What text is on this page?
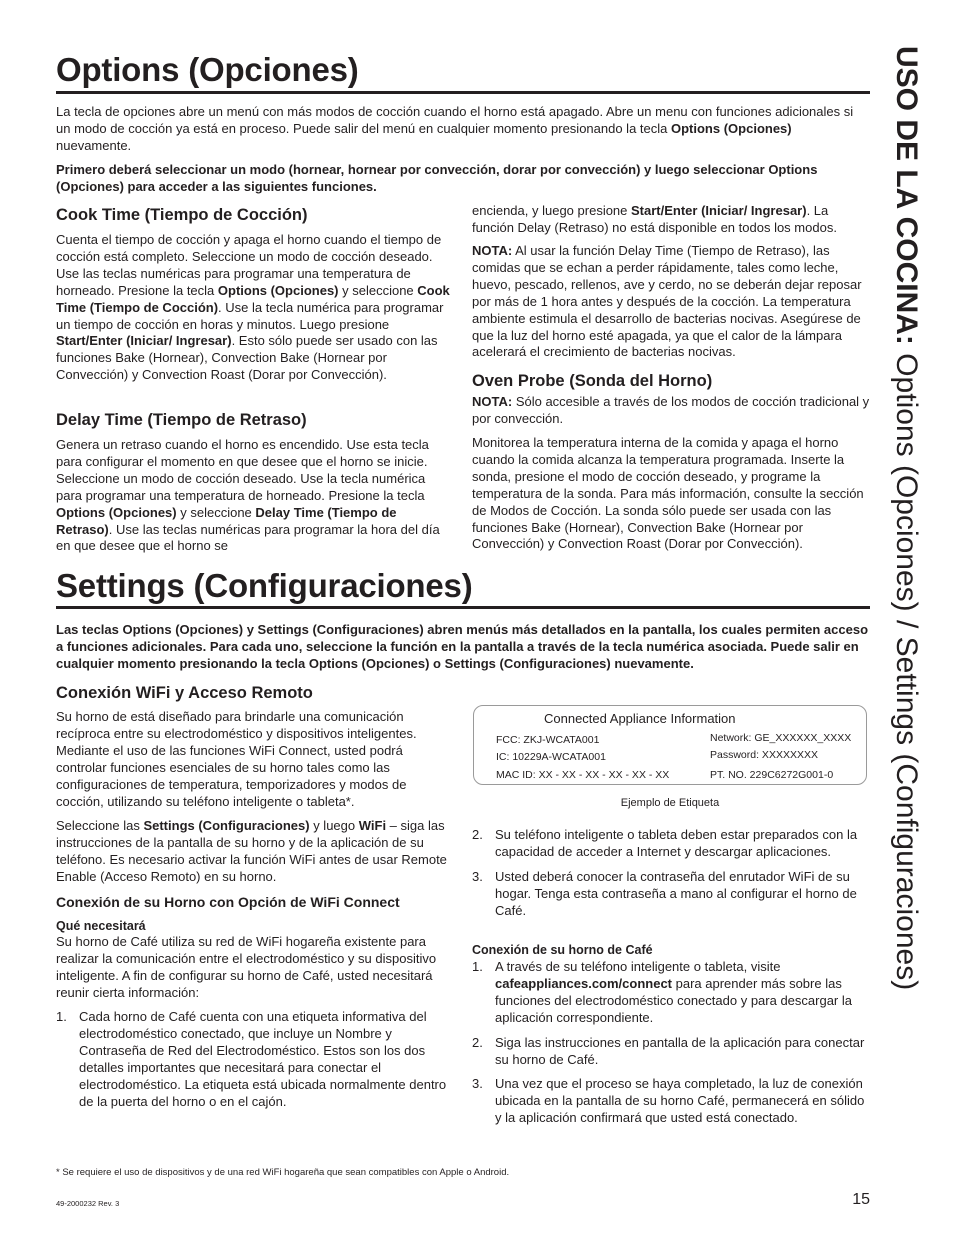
USO DE LA COCINA: Options (Opciones) / Settings (Configuraciones)
Options (Opciones)

La tecla de opciones abre un menú con más modos de cocción cuando el horno está apagado. Abre un menu con funciones adicionales si un modo de cocción ya está en proceso. Puede salir del menú en cualquier momento presionando la tecla Options (Opciones) nuevamente.

Primero deberá seleccionar un modo (hornear, hornear por convección, dorar por convección) y luego seleccionar Options (Opciones) para acceder a las siguientes funciones.

Cook Time (Tiempo de Cocción)

Cuenta el tiempo de cocción y apaga el horno cuando el tiempo de cocción está completo. Seleccione un modo de cocción deseado. Use las teclas numéricas para programar una temperatura de horneado. Presione la tecla Options (Opciones) y seleccione Cook Time (Tiempo de Cocción). Use la tecla numérica para programar un tiempo de cocción en horas y minutos. Luego presione Start/Enter (Iniciar/ Ingresar). Esto sólo puede ser usado con las funciones Bake (Hornear), Convection Bake (Hornear por Convección) y Convection Roast (Dorar por Convección).

Delay Time (Tiempo de Retraso)

Genera un retraso cuando el horno es encendido. Use esta tecla para configurar el momento en que desee que el horno se inicie. Seleccione un modo de cocción deseado. Use la tecla numérica para programar una temperatura de horneado. Presione la tecla Options (Opciones) y seleccione Delay Time (Tiempo de Retraso). Use las teclas numéricas para programar la hora del día en que desee que el horno se

encienda, y luego presione Start/Enter (Iniciar/ Ingresar). La función Delay (Retraso) no está disponible en todos los modos.

NOTA: Al usar la función Delay Time (Tiempo de Retraso), las comidas que se echan a perder rápidamente, tales como leche, huevo, pescado, rellenos, ave y cerdo, no se deberán dejar reposar por más de 1 hora antes y después de la cocción. La temperatura ambiente estimula el desarrollo de bacterias nocivas. Asegúrese de que la luz del horno esté apagada, ya que el calor de la lámpara acelerará el crecimiento de bacterias nocivas.

Oven Probe (Sonda del Horno)

NOTA: Sólo accesible a través de los modos de cocción tradicional y por convección.

Monitorea la temperatura interna de la comida y apaga el horno cuando la comida alcanza la temperatura programada. Inserte la sonda, presione el modo de cocción deseado, y programe la temperatura de la sonda. Para más información, consulte la sección de Modos de Cocción. La sonda sólo puede ser usada con las funciones Bake (Hornear), Convection Bake (Hornear por Convección) y Convection Roast (Dorar por Convección).

Settings (Configuraciones)

Las teclas Options (Opciones) y Settings (Configuraciones) abren menús más detallados en la pantalla, los cuales permiten acceso a funciones adicionales. Para cada uno, seleccione la función en la pantalla a través de la tecla numérica asociada. Puede salir en cualquier momento presionando la tecla Options (Opciones) o Settings (Configuraciones) nuevamente.

Conexión WiFi y Acceso Remoto

Su horno de está diseñado para brindarle una comunicación recíproca entre su electrodoméstico y dispositivos inteligentes. Mediante el uso de las funciones WiFi Connect, usted podrá controlar funciones esenciales de su horno tales como las configuraciones de temperatura, temporizadores y modos de cocción, utilizando su teléfono inteligente o tableta*.

Seleccione las Settings (Configuraciones) y luego WiFi – siga las instrucciones de la pantalla de su horno y de la aplicación de su teléfono. Es necesario activar la función WiFi antes de usar Remote Enable (Acceso Remoto) en su horno.

Conexión de su Horno con Opción de WiFi Connect
Qué necesitará

Su horno de Café utiliza su red de WiFi hogareña existente para realizar la comunicación entre el electrodoméstico y su dispositivo inteligente. A fin de configurar su horno de Café, usted necesitará reunir cierta información:

1. Cada horno de Café cuenta con una etiqueta informativa del electrodoméstico conectado, que incluye un Nombre y Contraseña de Red del Electrodoméstico. Estos son los dos detalles importantes que necesitará para conectar el electrodoméstico. La etiqueta está ubicada normalmente dentro de la puerta del horno o en el cajón.
Connected Appliance Information
FCC: ZKJ-WCATA001
IC: 10229A-WCATA001
MAC ID: XX - XX - XX - XX - XX - XX
Network: GE_XXXXXX_XXXX
Password: XXXXXXXX
PT. NO. 229C6272G001-0
Ejemplo de Etiqueta
2. Su teléfono inteligente o tableta deben estar preparados con la capacidad de acceder a Internet y descargar aplicaciones.
3. Usted deberá conocer la contraseña del enrutador WiFi de su hogar. Tenga esta contraseña a mano al configurar el horno de Café.
Conexión de su horno de Café
1. A través de su teléfono inteligente o tableta, visite cafeappliances.com/connect para aprender más sobre las funciones del electrodoméstico conectado y para descargar la aplicación correspondiente.
2. Siga las instrucciones en pantalla de la aplicación para conectar su horno de Café.
3. Una vez que el proceso se haya completado, la luz de conexión ubicada en la pantalla de su horno Café, permanecerá en sólido y la aplicación confirmará que usted está conectado.
* Se requiere el uso de dispositivos y de una red WiFi hogareña que sean compatibles con Apple o Android.
49-2000232 Rev. 3	15
